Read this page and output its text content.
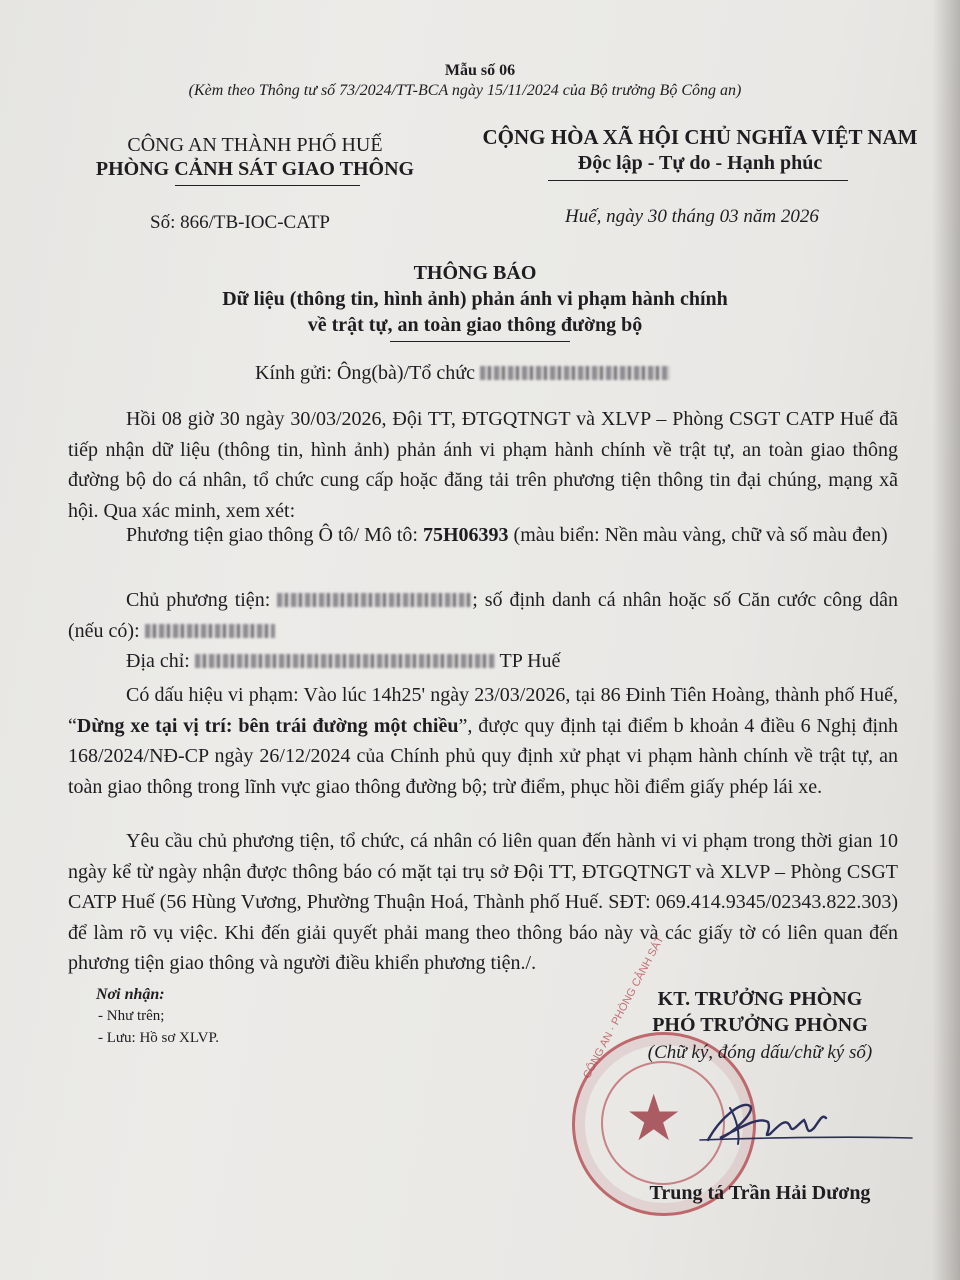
Mẫu số 06
(Kèm theo Thông tư số 73/2024/TT-BCA ngày 15/11/2024 của Bộ trưởng Bộ Công an)
CÔNG AN THÀNH PHỐ HUẾ
PHÒNG CẢNH SÁT GIAO THÔNG
Số: 866/TB-IOC-CATP
CỘNG HÒA XÃ HỘI CHỦ NGHĨA VIỆT NAM
Độc lập - Tự do - Hạnh phúc
Huế, ngày 30 tháng 03 năm 2026
THÔNG BÁO
Dữ liệu (thông tin, hình ảnh) phản ánh vi phạm hành chính
về trật tự, an toàn giao thông đường bộ
Kính gửi: Ông(bà)/Tổ chức
Hồi 08 giờ 30 ngày 30/03/2026, Đội TT, ĐTGQTNGT và XLVP – Phòng CSGT CATP Huế đã tiếp nhận dữ liệu (thông tin, hình ảnh) phản ánh vi phạm hành chính về trật tự, an toàn giao thông đường bộ do cá nhân, tổ chức cung cấp hoặc đăng tải trên phương tiện thông tin đại chúng, mạng xã hội. Qua xác minh, xem xét:
Phương tiện giao thông Ô tô/ Mô tô: 75H06393 (màu biển: Nền màu vàng, chữ và số màu đen)
Chủ phương tiện:	; số định danh cá nhân hoặc số Căn cước công dân (nếu có):
Địa chỉ:	TP Huế
Có dấu hiệu vi phạm: Vào lúc 14h25' ngày 23/03/2026, tại 86 Đinh Tiên Hoàng, thành phố Huế, “Dừng xe tại vị trí: bên trái đường một chiều”, được quy định tại điểm b khoản 4 điều 6 Nghị định 168/2024/NĐ-CP ngày 26/12/2024 của Chính phủ quy định xử phạt vi phạm hành chính về trật tự, an toàn giao thông trong lĩnh vực giao thông đường bộ; trừ điểm, phục hồi điểm giấy phép lái xe.
Yêu cầu chủ phương tiện, tổ chức, cá nhân có liên quan đến hành vi vi phạm trong thời gian 10 ngày kể từ ngày nhận được thông báo có mặt tại trụ sở Đội TT, ĐTGQTNGT và XLVP – Phòng CSGT CATP Huế (56 Hùng Vương, Phường Thuận Hoá, Thành phố Huế. SĐT: 069.414.9345/02343.822.303) để làm rõ vụ việc. Khi đến giải quyết phải mang theo thông báo này và các giấy tờ có liên quan đến phương tiện giao thông và người điều khiển phương tiện./.
Nơi nhận:
- Như trên;
- Lưu: Hồ sơ XLVP.	CÔNG AN · PHÒNG CẢNH SÁT
★
KT. TRƯỞNG PHÒNG
PHÓ TRƯỞNG PHÒNG
(Chữ ký, đóng dấu/chữ ký số)
Trung tá Trần Hải Dương
